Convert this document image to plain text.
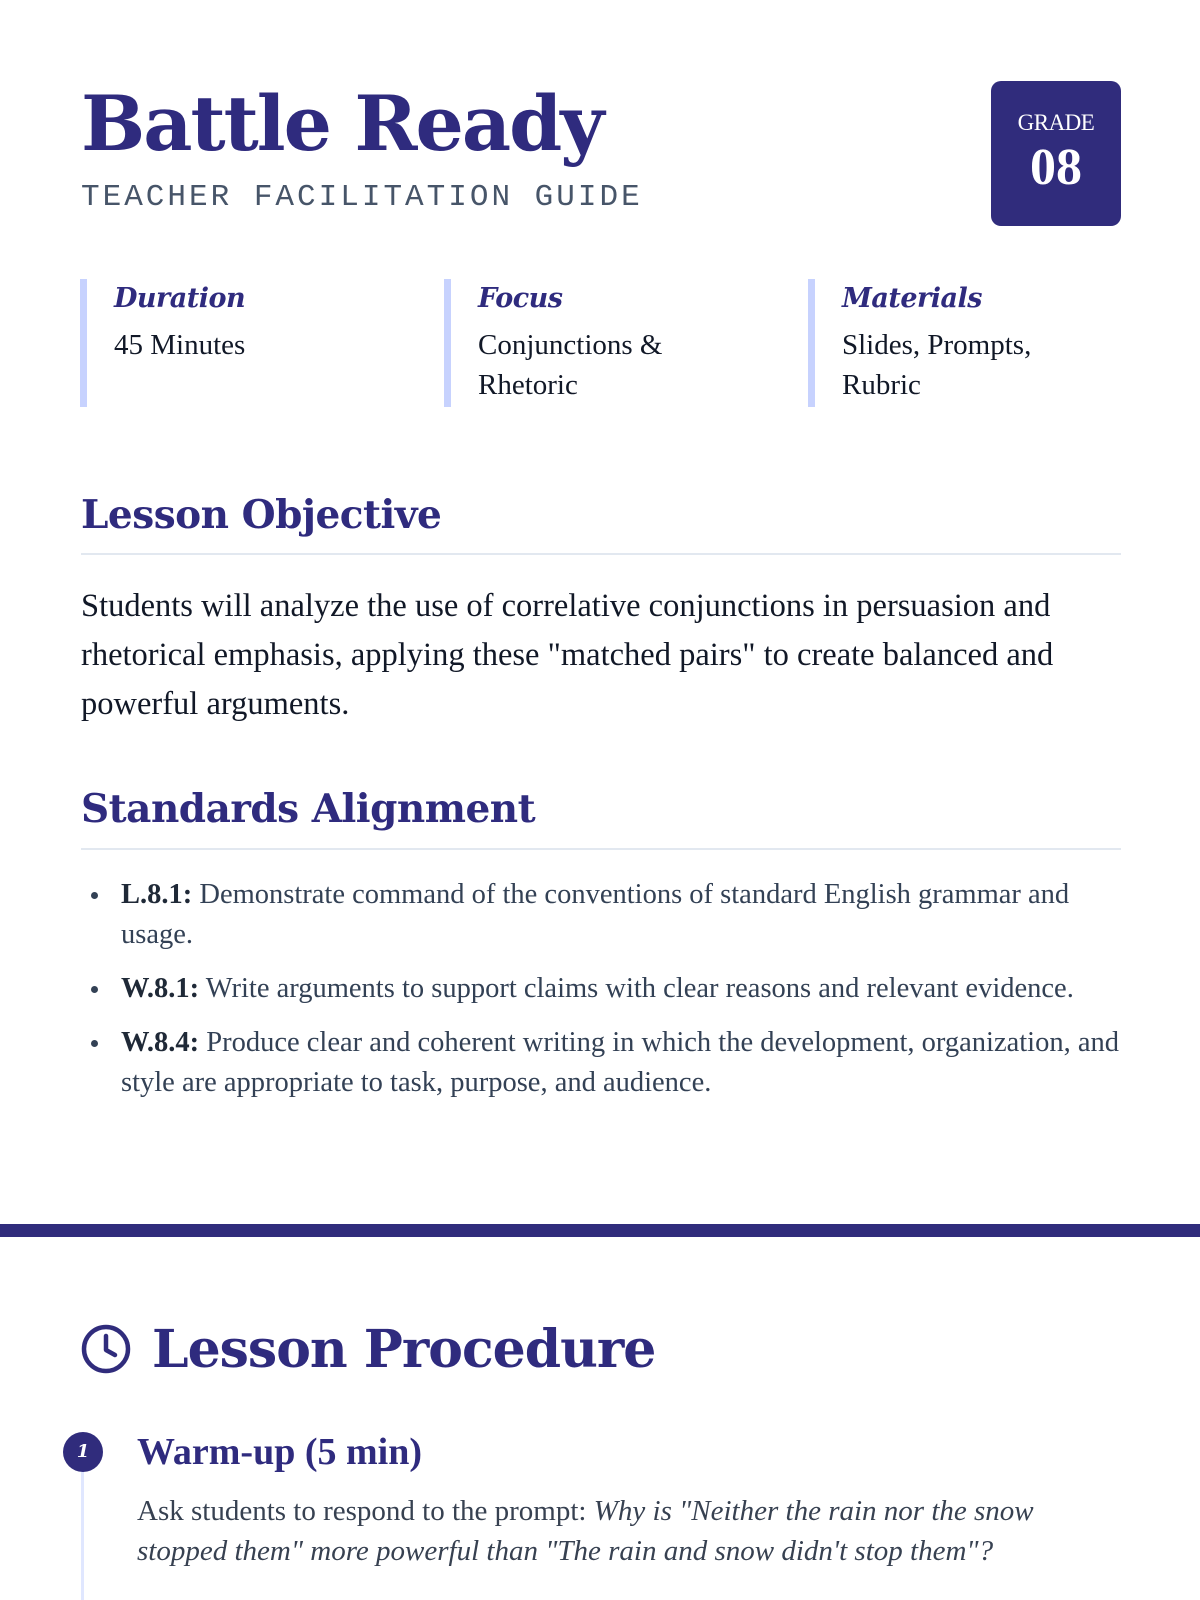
Battle Ready
TEACHER FACILITATION GUIDE
GRADE
08
Duration
45 Minutes
Focus
Conjunctions & Rhetoric
Materials
Slides, Prompts, Rubric
Lesson Objective

Students will analyze the use of correlative conjunctions in persuasion and rhetorical emphasis, applying these "matched pairs" to create balanced and powerful arguments.

Standards Alignment
L.8.1: Demonstrate command of the conventions of standard English grammar and usage.
W.8.1: Write arguments to support claims with clear reasons and relevant evidence.
W.8.4: Produce clear and coherent writing in which the development, organization, and style are appropriate to task, purpose, and audience.
Lesson Procedure
1	Warm-up (5 min)

Ask students to respond to the prompt: Why is "Neither the rain nor the snow stopped them" more powerful than "The rain and snow didn't stop them"?
